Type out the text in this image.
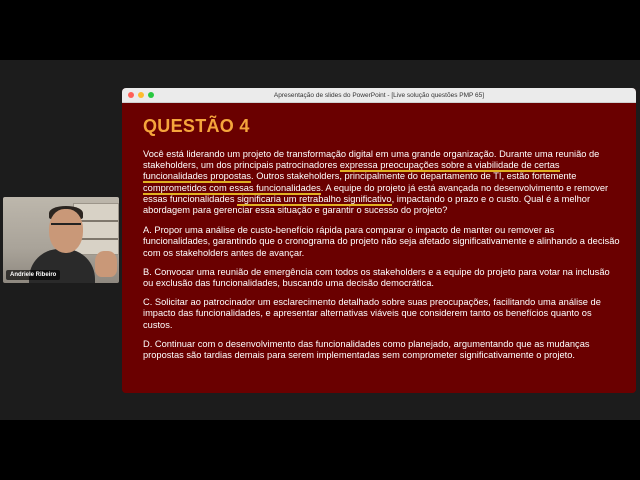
Andriele Ribeiro
Apresentação de slides do PowerPoint - [Live solução questões PMP 65]
QUESTÃO 4

Você está liderando um projeto de transformação digital em uma grande organização. Durante uma reunião de stakeholders, um dos principais patrocinadores expressa preocupações sobre a viabilidade de certas funcionalidades propostas. Outros stakeholders, principalmente do departamento de TI, estão fortemente comprometidos com essas funcionalidades. A equipe do projeto já está avançada no desenvolvimento e remover essas funcionalidades significaria um retrabalho significativo, impactando o prazo e o custo. Qual é a melhor abordagem para gerenciar essa situação e garantir o sucesso do projeto?

A. Propor uma análise de custo-benefício rápida para comparar o impacto de manter ou remover as funcionalidades, garantindo que o cronograma do projeto não seja afetado significativamente e alinhando a decisão com os stakeholders antes de avançar.

B. Convocar uma reunião de emergência com todos os stakeholders e a equipe do projeto para votar na inclusão ou exclusão das funcionalidades, buscando uma decisão democrática.

C. Solicitar ao patrocinador um esclarecimento detalhado sobre suas preocupações, facilitando uma análise de impacto das funcionalidades, e apresentar alternativas viáveis que considerem tanto os benefícios quanto os custos.

D. Continuar com o desenvolvimento das funcionalidades como planejado, argumentando que as mudanças propostas são tardias demais para serem implementadas sem comprometer significativamente o projeto.
